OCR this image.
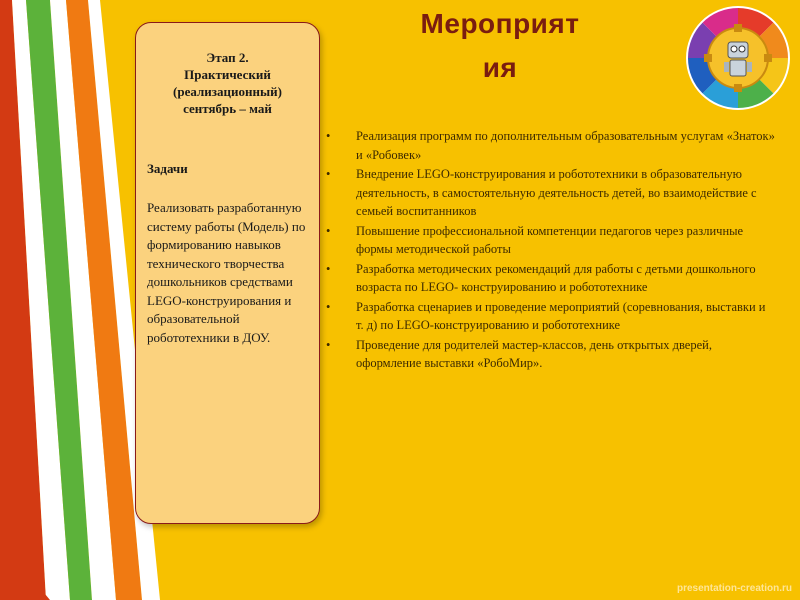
Этап 2.
Практический
(реализационный)
сентябрь – май
Задачи
Реализовать разработанную систему работы (Модель) по формированию навыков технического творчества дошкольников средствами LEGO-конструирования и образовательной робототехники в ДОУ.
Мероприят
ия
• Реализация программ по дополнительным образовательным услугам «Знаток» и «Робовек»
• Внедрение LEGO-конструирования и робототехники в образовательную деятельность, в самостоятельную деятельность детей, во взаимодействие с семьей воспитанников
• Повышение профессиональной компетенции педагогов через различные формы методической работы
• Разработка методических рекомендаций для работы с детьми дошкольного возраста по LEGO- конструированию и робототехнике
• Разработка сценариев и проведение мероприятий (соревнования, выставки и т. д) по LEGO-конструированию и робототехнике
• Проведение для родителей мастер-классов, день открытых дверей, оформление выставки «РобоМир».
presentation-creation.ru
